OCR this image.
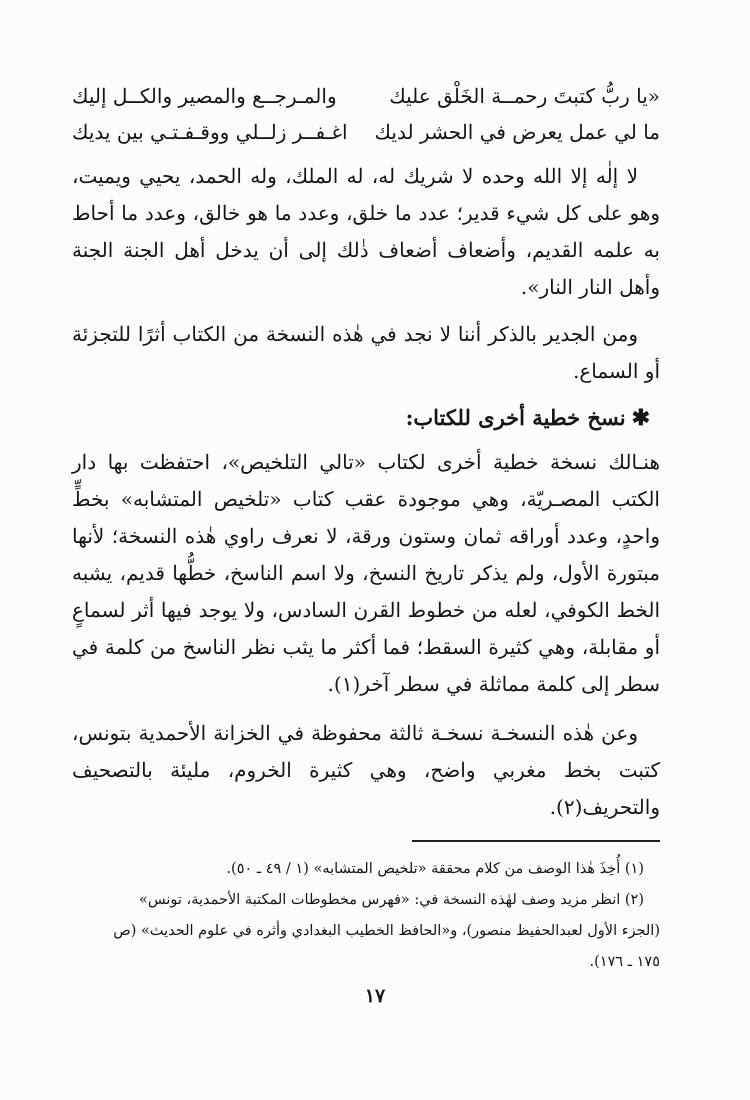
«يا ربُّ كتبتَ رحمــة الخَلْق عليك
والمـرجــع والمصير والكــل إليك
ما لي عمل يعرض في الحشر لديك
اغـفــر زلــلي ووقـفـتـي بين يديك

لا إلٰه إلا الله وحده لا شريك له، له الملك، وله الحمد، يحيي ويميت، وهو على كل شيء قدير؛ عدد ما خلق، وعدد ما هو خالق، وعدد ما أحاط به علمه القديم، وأضعاف أضعاف ذٰلك إلى أن يدخل أهل الجنة الجنة وأهل النار النار».

ومن الجدير بالذكر أننا لا نجد في هٰذه النسخة من الكتاب أثرًا للتجزئة أو السماع.

✱
نسخ خطية أخرى للكتاب:

هنـالك نسخة خطية أخرى لكتاب «تالي التلخيص»، احتفظت بها دار الكتب المصـريّة، وهي موجودة عقب كتاب «تلخيص المتشابه» بخطٍّ واحدٍ، وعدد أوراقه ثمان وستون ورقة، لا نعرف راوي هٰذه النسخة؛ لأنها مبتورة الأول، ولم يذكر تاريخ النسخ، ولا اسم الناسخ، خطُّها قديم، يشبه الخط الكوفي، لعله من خطوط القرن السادس، ولا يوجد فيها أثر لسماعٍ أو مقابلة، وهي كثيرة السقط؛ فما أكثر ما يثب نظر الناسخ من كلمة في سطر إلى كلمة مماثلة في سطر آخر(١).

وعن هٰذه النسخـة نسخـة ثالثة محفوظة في الخزانة الأحمدية بتونس، كتبت بخط مغربي واضح، وهي كثيرة الخروم، مليئة بالتصحيف والتحريف(٢).

(١) أُخِذَ هٰذا الوصف من كلام محققة «تلخيص المتشابه» (١ / ٤٩ ـ ٥٠).

(٢) انظر مزيد وصف لهٰذه النسخة في: «فهرس مخطوطات المكتبة الأحمدية، تونس»

(الجزء الأول لعبدالحفيظ منصور)، و«الحافظ الخطيب البغدادي وأثره في علوم الحديث» (ص

١٧٥ ـ ١٧٦).

١٧
